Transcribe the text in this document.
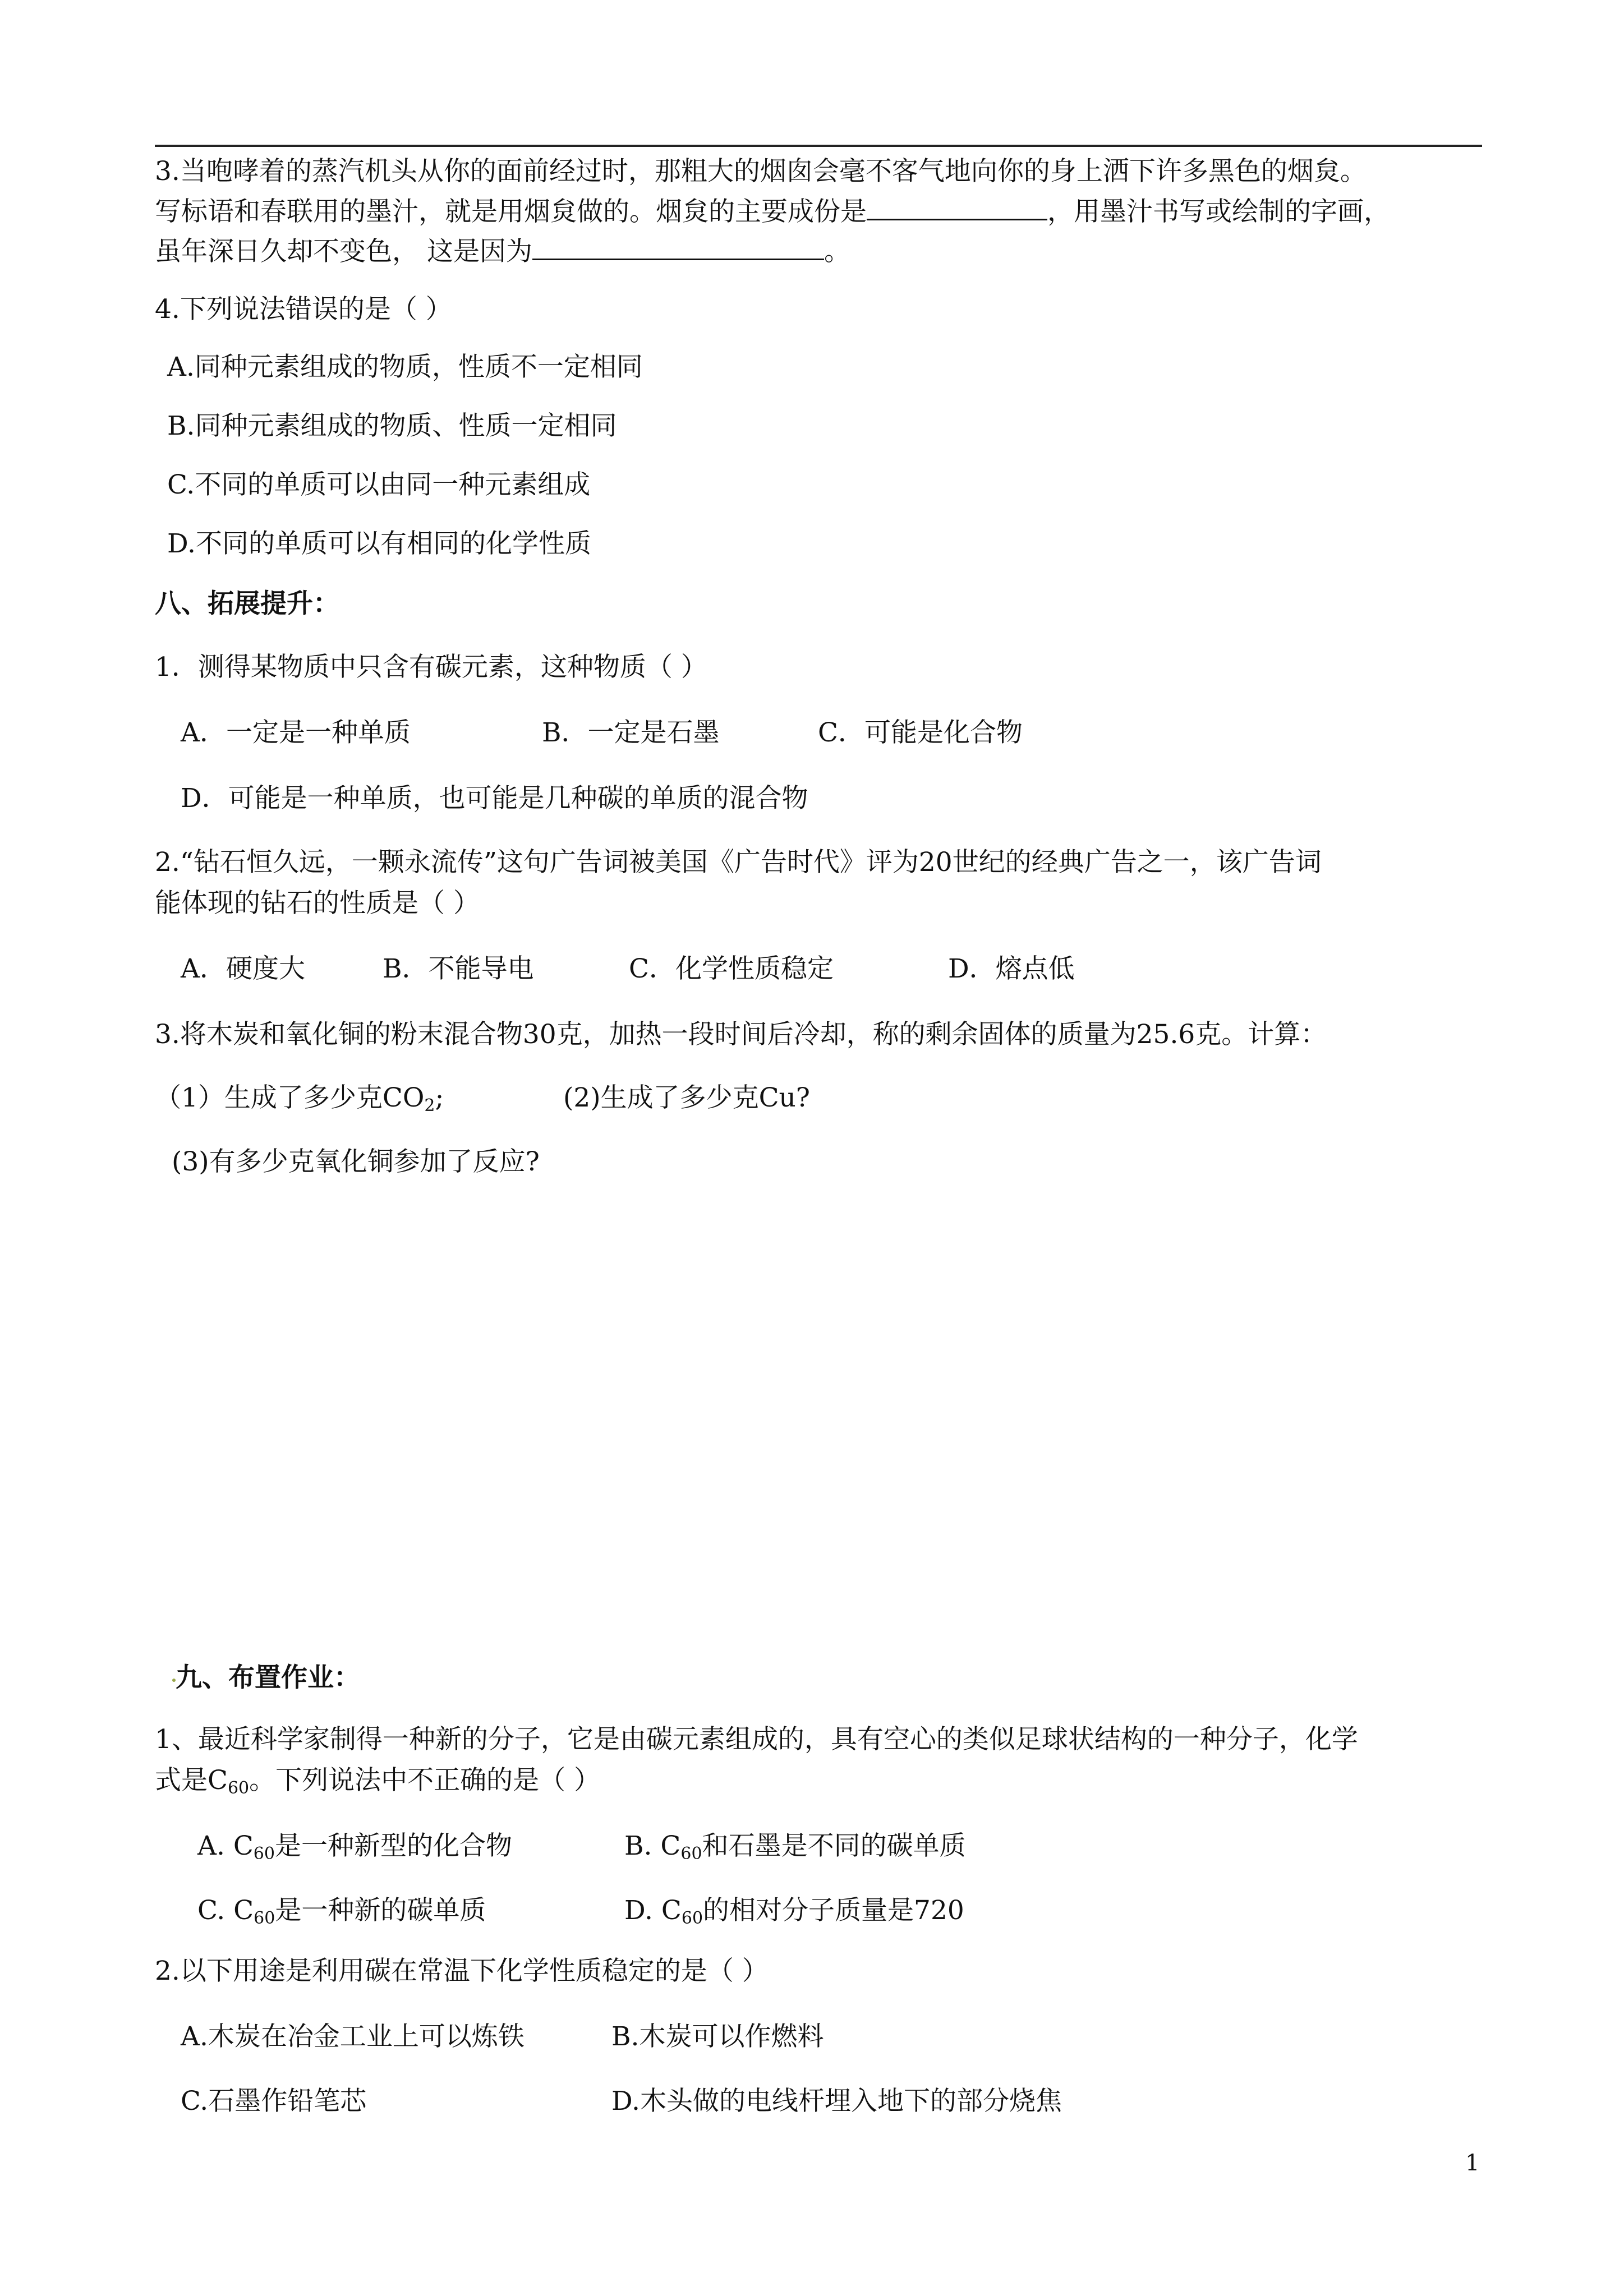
3.当咆哮着的蒸汽机头从你的面前经过时，那粗大的烟囱会毫不客气地向你的身上洒下许多黑色的烟炱。
写标语和春联用的墨汁，就是用烟炱做的。烟炱的主要成份是	，用墨汁书写或绘制的字画，
虽年深日久却不变色， 这是因为	。
4.下列说法错误的是（ ）
A.同种元素组成的物质，性质不一定相同
B.同种元素组成的物质、性质一定相同
C.不同的单质可以由同一种元素组成
D.不同的单质可以有相同的化学性质
八、拓展提升：
1．测得某物质中只含有碳元素，这种物质（ ）
A．一定是一种单质	B．一定是石墨	C．可能是化合物
D．可能是一种单质，也可能是几种碳的单质的混合物
2.“钻石恒久远，一颗永流传”这句广告词被美国《广告时代》评为20世纪的经典广告之一，该广告词
能体现的钻石的性质是（ ）
A．硬度大	B．不能导电	C．化学性质稳定	D．熔点低
3.将木炭和氧化铜的粉末混合物30克，加热一段时间后冷却，称的剩余固体的质量为25.6克。计算：
（1）生成了多少克$CO_2$;	(2)生成了多少克Cu?
(3)有多少克氧化铜参加了反应?
九、布置作业：
1、最近科学家制得一种新的分子，它是由碳元素组成的，具有空心的类似足球状结构的一种分子，化学
式是$C_{60}$。下列说法中不正确的是（ ）
A. $C_{60}$是一种新型的化合物	B. $C_{60}$和石墨是不同的碳单质
C. $C_{60}$是一种新的碳单质	D. $C_{60}$的相对分子质量是720
2.以下用途是利用碳在常温下化学性质稳定的是（ ）
A.木炭在冶金工业上可以炼铁	B.木炭可以作燃料
C.石墨作铅笔芯	D.木头做的电线杆埋入地下的部分烧焦
1
